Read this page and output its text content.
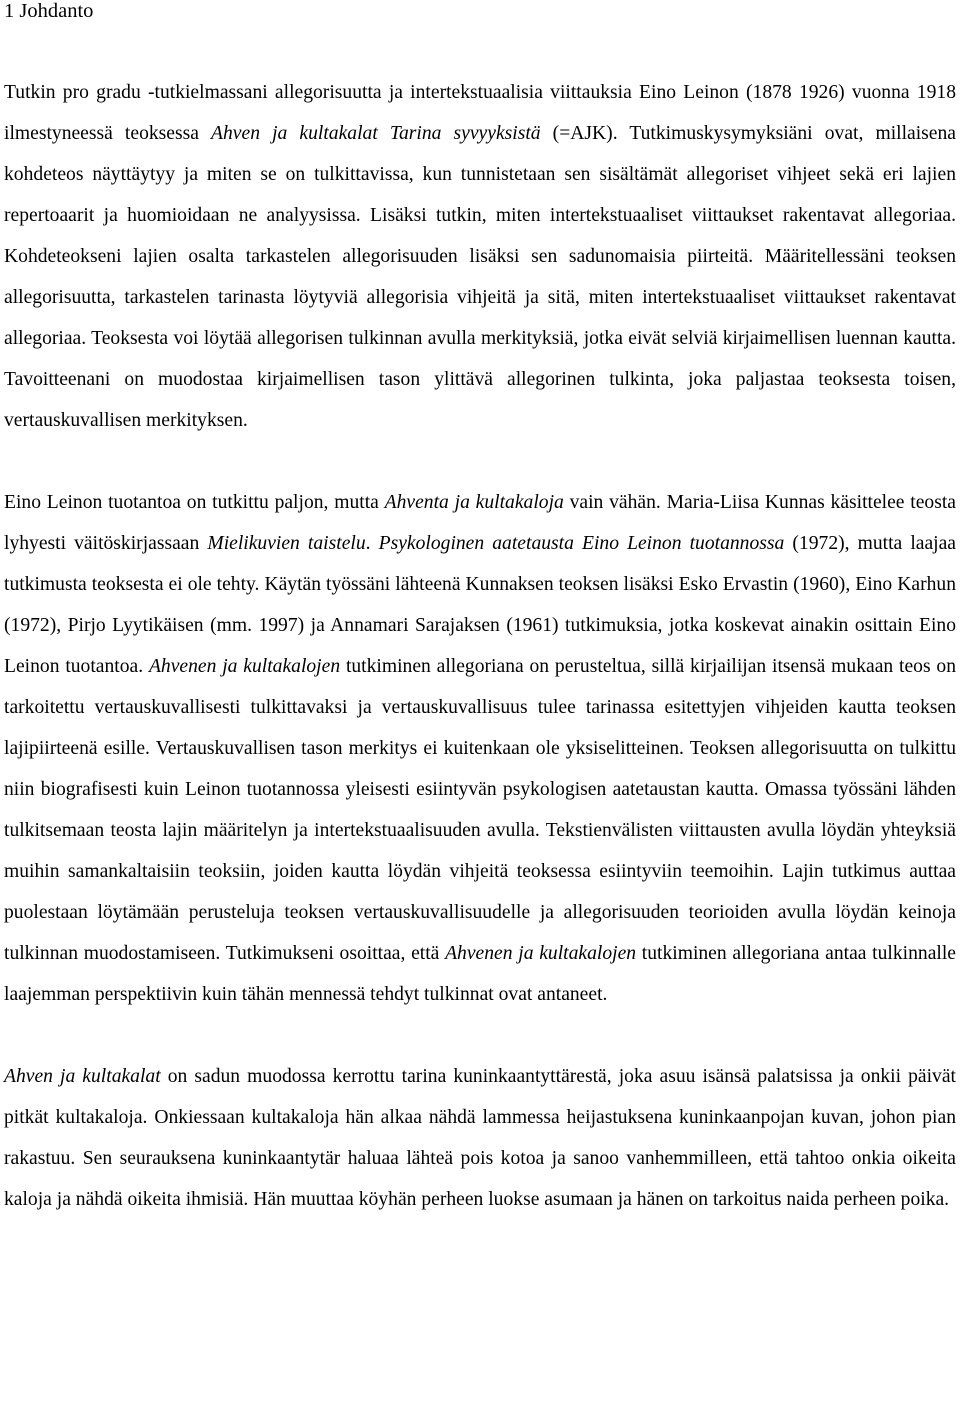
1 Johdanto

Tutkin pro gradu -tutkielmassani allegorisuutta ja intertekstuaalisia viittauksia Eino Leinon (1878 1926) vuonna 1918 ilmestyneessä teoksessa Ahven ja kultakalat Tarina syvyyksistä (=AJK). Tutkimuskysymyksiäni ovat, millaisena kohdeteos näyttäytyy ja miten se on tulkittavissa, kun tunnistetaan sen sisältämät allegoriset vihjeet sekä eri lajien repertoaarit ja huomioidaan ne analyysissa. Lisäksi tutkin, miten intertekstuaaliset viittaukset rakentavat allegoriaa. Kohdeteokseni lajien osalta tarkastelen allegorisuuden lisäksi sen sadunomaisia piirteitä. Määritellessäni teoksen allegorisuutta, tarkastelen tarinasta löytyviä allegorisia vihjeitä ja sitä, miten intertekstuaaliset viittaukset rakentavat allegoriaa. Teoksesta voi löytää allegorisen tulkinnan avulla merkityksiä, jotka eivät selviä kirjaimellisen luennan kautta. Tavoitteenani on muodostaa kirjaimellisen tason ylittävä allegorinen tulkinta, joka paljastaa teoksesta toisen, vertauskuvallisen merkityksen.

Eino Leinon tuotantoa on tutkittu paljon, mutta Ahventa ja kultakaloja vain vähän. Maria-Liisa Kunnas käsittelee teosta lyhyesti väitöskirjassaan Mielikuvien taistelu. Psykologinen aatetausta Eino Leinon tuotannossa (1972), mutta laajaa tutkimusta teoksesta ei ole tehty. Käytän työssäni lähteenä Kunnaksen teoksen lisäksi Esko Ervastin (1960), Eino Karhun (1972), Pirjo Lyytikäisen (mm. 1997) ja Annamari Sarajaksen (1961) tutkimuksia, jotka koskevat ainakin osittain Eino Leinon tuotantoa. Ahvenen ja kultakalojen tutkiminen allegoriana on perusteltua, sillä kirjailijan itsensä mukaan teos on tarkoitettu vertauskuvallisesti tulkittavaksi ja vertauskuvallisuus tulee tarinassa esitettyjen vihjeiden kautta teoksen lajipiirteenä esille. Vertauskuvallisen tason merkitys ei kuitenkaan ole yksiselitteinen. Teoksen allegorisuutta on tulkittu niin biografisesti kuin Leinon tuotannossa yleisesti esiintyvän psykologisen aatetaustan kautta. Omassa työssäni lähden tulkitsemaan teosta lajin määritelyn ja intertekstuaalisuuden avulla. Tekstienvälisten viittausten avulla löydän yhteyksiä muihin samankaltaisiin teoksiin, joiden kautta löydän vihjeitä teoksessa esiintyviin teemoihin. Lajin tutkimus auttaa puolestaan löytämään perusteluja teoksen vertauskuvallisuudelle ja allegorisuuden teorioiden avulla löydän keinoja tulkinnan muodostamiseen. Tutkimukseni osoittaa, että Ahvenen ja kultakalojen tutkiminen allegoriana antaa tulkinnalle laajemman perspektiivin kuin tähän mennessä tehdyt tulkinnat ovat antaneet.

Ahven ja kultakalat on sadun muodossa kerrottu tarina kuninkaantyttärestä, joka asuu isänsä palatsissa ja onkii päivät pitkät kultakaloja. Onkiessaan kultakaloja hän alkaa nähdä lammessa heijastuksena kuninkaanpojan kuvan, johon pian rakastuu. Sen seurauksena kuninkaantytär haluaa lähteä pois kotoa ja sanoo vanhemmilleen, että tahtoo onkia oikeita kaloja ja nähdä oikeita ihmisiä. Hän muuttaa köyhän perheen luokse asumaan ja hänen on tarkoitus naida perheen poika.
